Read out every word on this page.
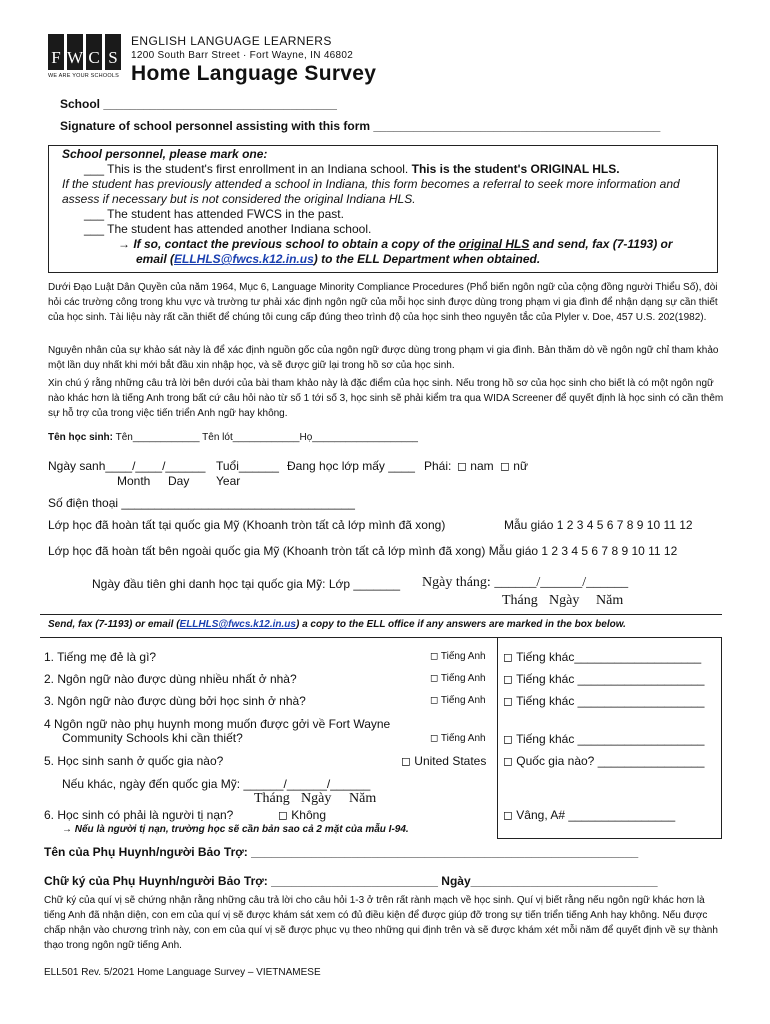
F W C S
WE ARE YOUR SCHOOLS
ENGLISH LANGUAGE LEARNERS
1200 South Barr Street · Fort Wayne, IN 46802
Home Language Survey
School ___________________________________
Signature of school personnel assisting with this form ___________________________________________
School personnel, please mark one:
___ This is the student's first enrollment in an Indiana school. This is the student's ORIGINAL HLS.
If the student has previously attended a school in Indiana, this form becomes a referral to seek more information and assess if necessary but is not considered the original Indiana HLS.
___ The student has attended FWCS in the past.
___ The student has attended another Indiana school.
→ If so, contact the previous school to obtain a copy of the original HLS and send, fax (7-1193) or
email (ELLHLS@fwcs.k12.in.us) to the ELL Department when obtained.
Dưới Đạo Luật Dân Quyền của năm 1964, Mục 6, Language Minority Compliance Procedures (Phổ biến ngôn ngữ của cộng đồng người Thiểu Số), đòi hỏi các trường công trong khu vực và trường tư phải xác định ngôn ngữ của mỗi học sinh được dùng trong phạm vi gia đình để nhận dạng sự cần thiết của học sinh. Tài liệu này rất cần thiết để chúng tôi cung cấp đúng theo trình độ của học sinh theo nguyên tắc của Plyler v. Doe, 457 U.S. 202(1982).
Nguyên nhân của sự khảo sát này là để xác định nguồn gốc của ngôn ngữ được dùng trong phạm vi gia đình. Bản thăm dò về ngôn ngữ chỉ tham khảo một lần duy nhất khi mới bắt đầu xin nhập học, và sẽ được giữ lại trong hồ sơ của học sinh.
Xin chú ý rằng những câu trả lời bên dưới của bài tham khảo này là đặc điểm của học sinh. Nếu trong hồ sơ của học sinh cho biết là có một ngôn ngữ nào khác hơn là tiếng Anh trong bất cứ câu hỏi nào từ số 1 tới số 3, học sinh sẽ phải kiểm tra qua WIDA Screener để quyết định là học sinh có cần thêm sự hỗ trợ của trong việc tiến triển Anh ngữ hay không.
Tên học sinh: Tên____________ Tên lót____________Họ___________________
Ngày sanh____/____/______ Tuổi______ Đang học lớp mấy ____ Phái: ◻ nam ◻ nữ
Month Day Year
Số điện thoại ___________________________________
Lớp học đã hoàn tất tại quốc gia Mỹ (Khoanh tròn tất cả lớp mình đã xong)	Mẫu giáo 1 2 3 4 5 6 7 8 9 10 11 12
Lớp học đã hoàn tất bên ngoài quốc gia Mỹ (Khoanh tròn tất cả lớp mình đã xong) Mẫu giáo 1 2 3 4 5 6 7 8 9 10 11 12
Ngày đầu tiên ghi danh học tại quốc gia Mỹ: Lớp _______ Ngày tháng: ______/______/______
Tháng Ngày Năm
Send, fax (7-1193) or email (ELLHLS@fwcs.k12.in.us) a copy to the ELL office if any answers are marked in the box below.
1. Tiếng mẹ đẻ là gì?	◻ Tiếng Anh ◻ Tiếng khác___________________
2. Ngôn ngữ nào được dùng nhiều nhất ở nhà?	◻ Tiếng Anh ◻ Tiếng khác ___________________
3. Ngôn ngữ nào được dùng bởi học sinh ở nhà?	◻ Tiếng Anh ◻ Tiếng khác ___________________
4 Ngôn ngữ nào phụ huynh mong muốn được gởi về Fort Wayne
Community Schools khi cần thiết?	◻ Tiếng Anh ◻ Tiếng khác ___________________
5. Học sinh sanh ở quốc gia nào?	◻ United States ◻ Quốc gia nào? ________________
Nếu khác, ngày đến quốc gia Mỹ: ______/______/______
Tháng Ngày Năm
6. Học sinh có phải là người tị nạn?	◻ Không	◻ Vâng, A# ________________
→ Nếu là người tị nạn, trường học sẽ cần bản sao cả 2 mặt của mẫu I-94.
Tên của Phụ Huynh/người Bảo Trợ: __________________________________________________________
Chữ ký của Phụ Huynh/người Bảo Trợ: _________________________ Ngày____________________________
Chữ ký của quí vị sẽ chứng nhận rằng những câu trả lời cho câu hỏi 1-3 ở trên rất rành mạch về học sinh. Quí vị biết rằng nếu ngôn ngữ khác hơn là tiếng Anh đã nhận diện, con em của quí vị sẽ được khám sát xem có đủ điều kiện để được giúp đỡ trong sự tiến triển tiếng Anh hay không. Nếu được chấp nhận vào chương trình này, con em của quí vị sẽ được phục vụ theo những qui định trên và sẽ được khám xét mỗi năm để quyết định về sự thành thạo trong ngôn ngữ tiếng Anh.
ELL501 Rev. 5/2021 Home Language Survey – VIETNAMESE
